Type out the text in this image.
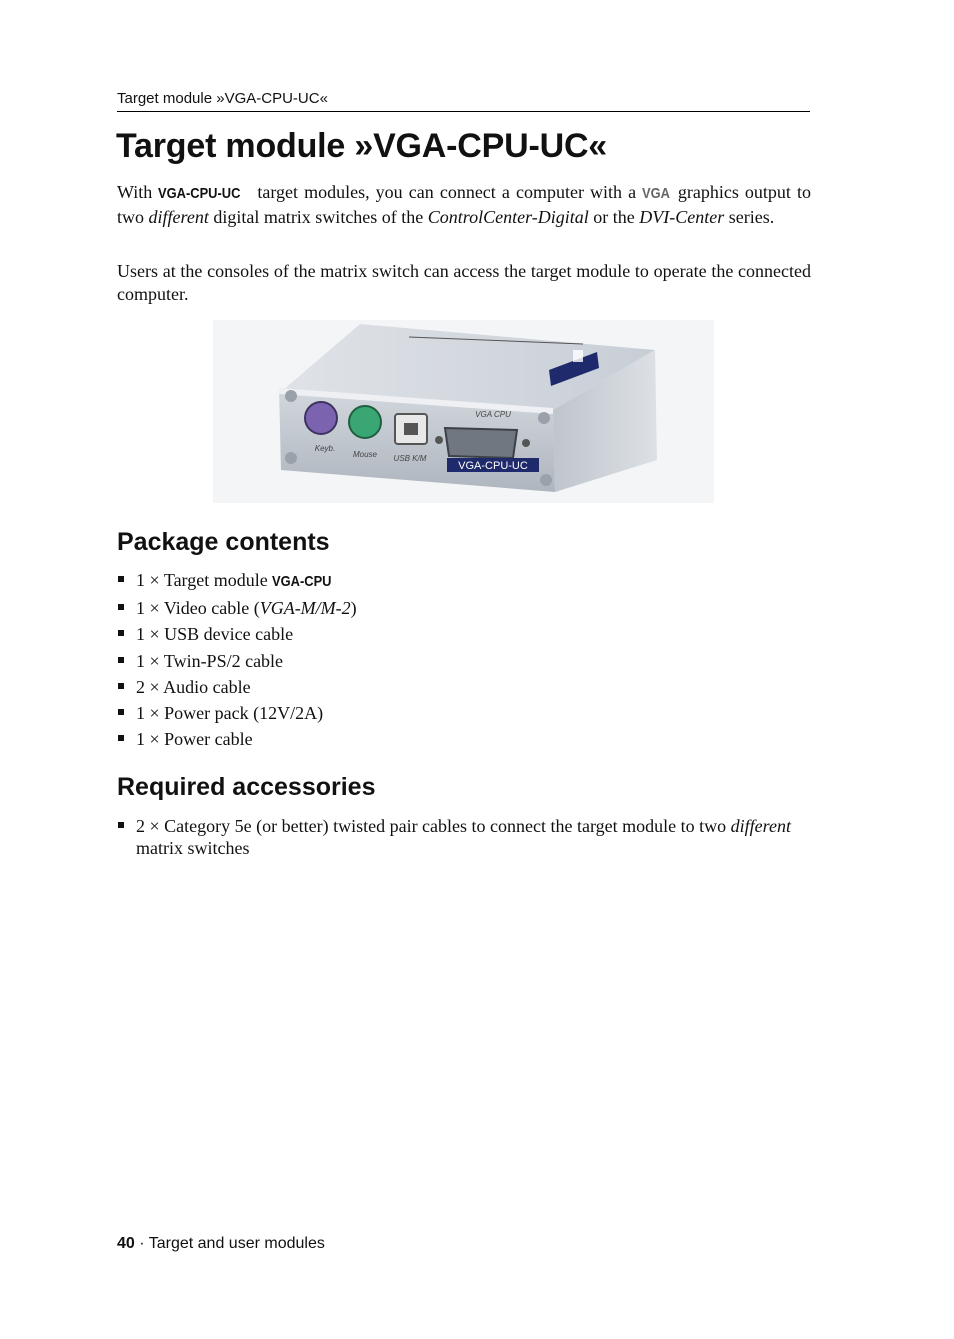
Target module »VGA-CPU-UC«
Target module »VGA-CPU-UC«

With VGA-CPU-UC target modules, you can connect a computer with a VGA graphics output to two different digital matrix switches of the ControlCenter-Digital or the DVI-Center series.

Users at the consoles of the matrix switch can access the target module to operate the connected computer.

Keyb.
Mouse USB K/M
VGA CPU
VGA-CPU-UC
Package contents
1 × Target module VGA-CPU
1 × Video cable (VGA-M/M-2)
1 × USB device cable
1 × Twin-PS/2 cable
2 × Audio cable
1 × Power pack (12V/2A)
1 × Power cable
Required accessories
2 × Category 5e (or better) twisted pair cables to connect the target module to two different matrix switches
40 · Target and user modules
